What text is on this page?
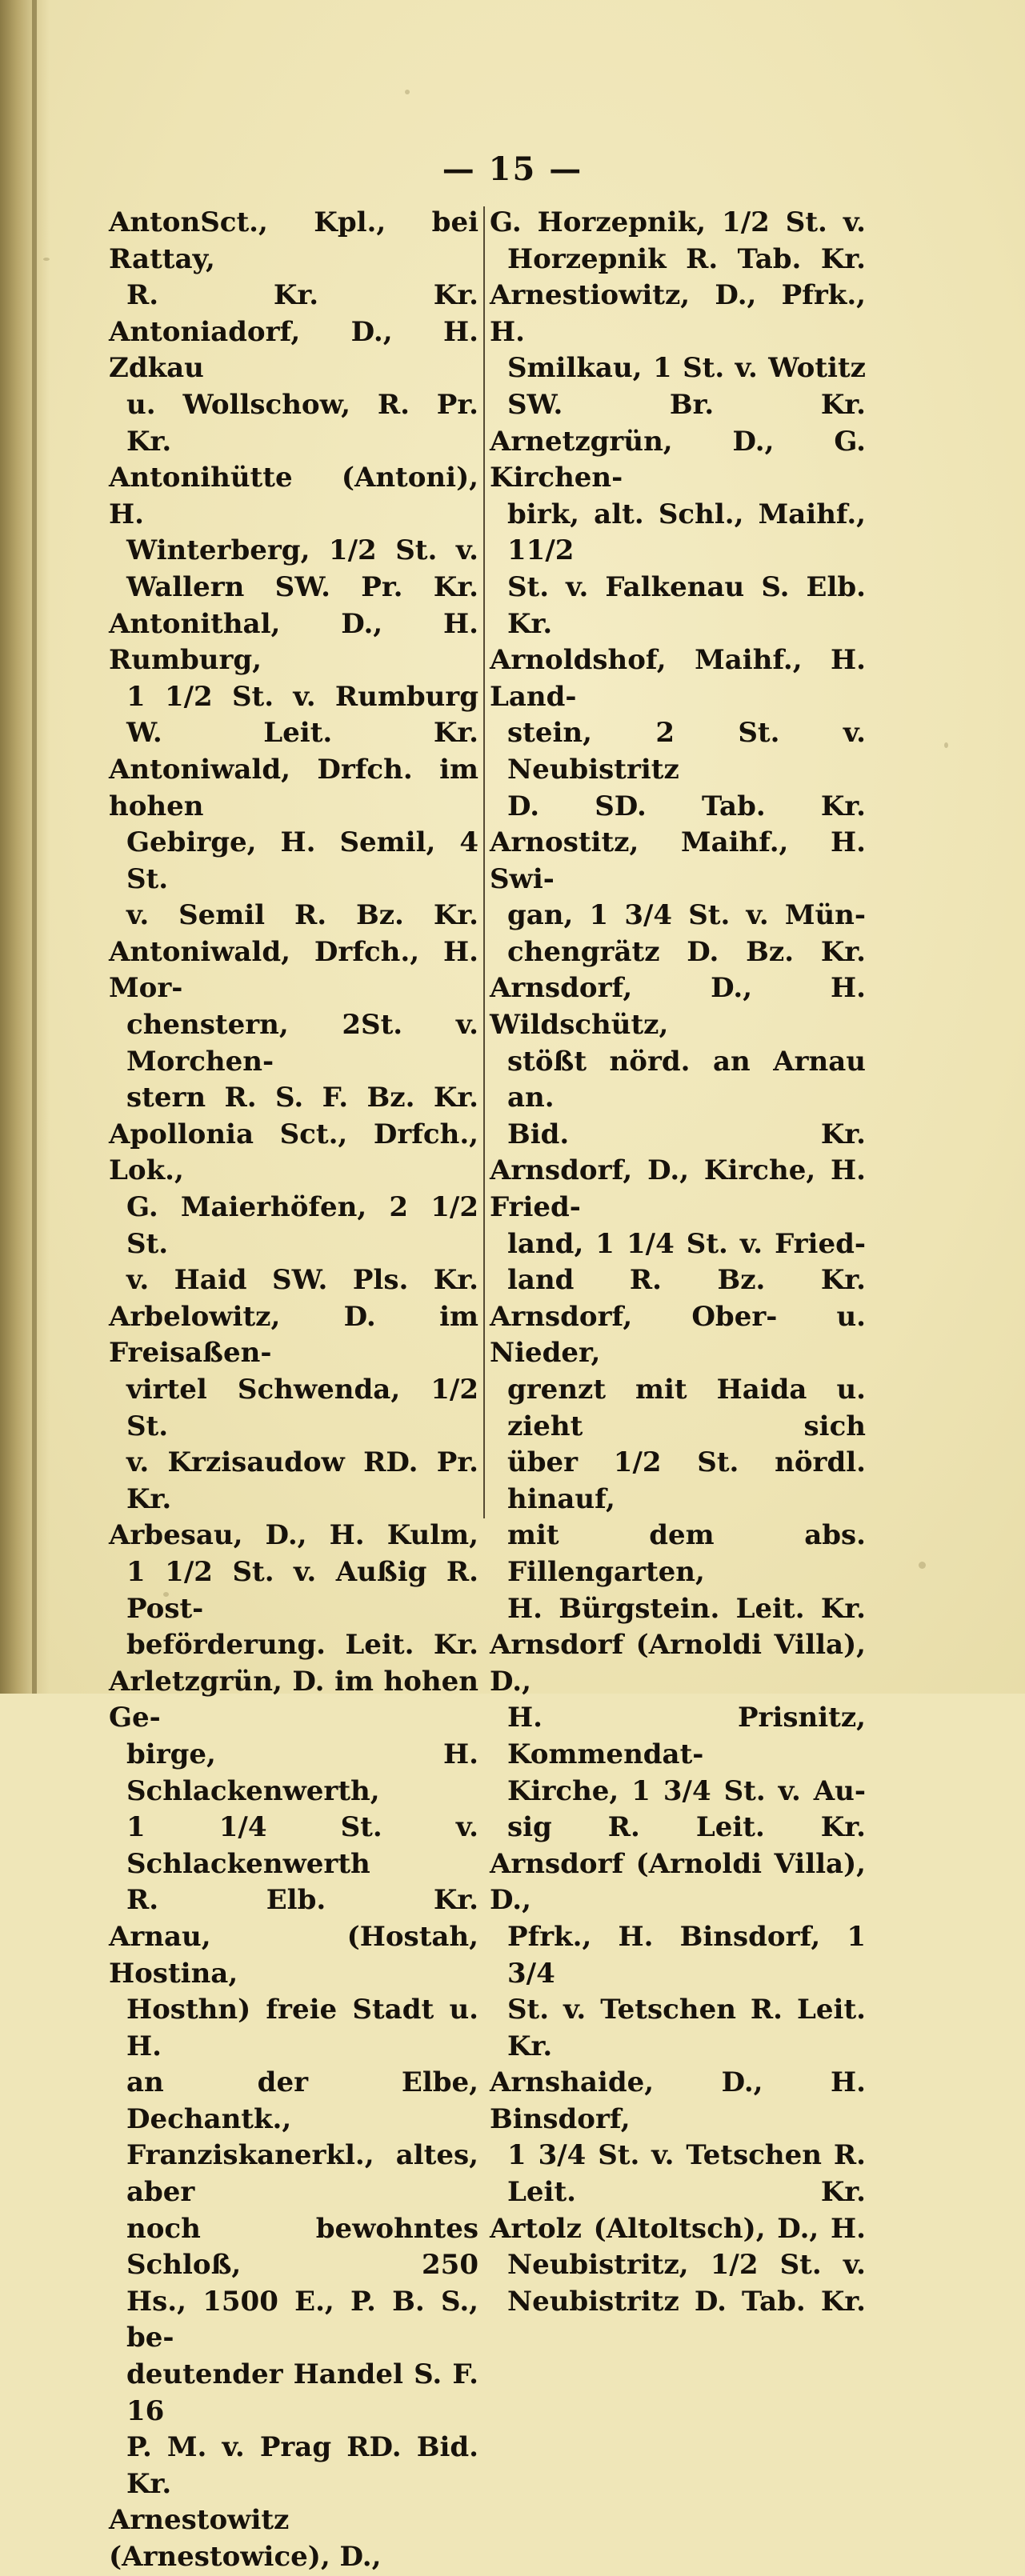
— 15 —

AntonSct., Kpl., bei Rattay,
R. Kr. Kr.

Antoniadorf, D., H. Zdkau
u. Wollschow, R. Pr. Kr.

Antonihütte (Antoni), H.
Winterberg, 1/2 St. v.
Wallern SW. Pr. Kr.

Antonithal, D., H. Rumburg,
1 1/2 St. v. Rumburg
W. Leit. Kr.

Antoniwald, Drfch. im hohen
Gebirge, H. Semil, 4 St.
v. Semil R. Bz. Kr.

Antoniwald, Drfch., H. Mor-
chenstern, 2St. v. Morchen-
stern R. S. F. Bz. Kr.

Apollonia Sct., Drfch., Lok.,
G. Maierhöfen, 2 1/2 St.
v. Haid SW. Pls. Kr.

Arbelowitz, D. im Freisaßen-
virtel Schwenda, 1/2 St.
v. Krzisaudow RD. Pr. Kr.

Arbesau, D., H. Kulm,
1 1/2 St. v. Außig R. Post-
beförderung. Leit. Kr.

Arletzgrün, D. im hohen Ge-
birge, H. Schlackenwerth,
1 1/4 St. v. Schlackenwerth
R. Elb. Kr.

Arnau, (Hostah, Hostina,
Hosthn) freie Stadt u. H.
an der Elbe, Dechantk.,
Franziskanerkl., altes, aber
noch bewohntes Schloß, 250
Hs., 1500 E., P. B. S., be-
deutender Handel S. F. 16
P. M. v. Prag RD. Bid. Kr.

Arnestowitz (Arnestowice), D.,

G. Horzepnik, 1/2 St. v.
Horzepnik R. Tab. Kr.

Arnestiowitz, D., Pfrk., H.
Smilkau, 1 St. v. Wotitz
SW. Br. Kr.

Arnetzgrün, D., G. Kirchen-
birk, alt. Schl., Maihf., 11/2
St. v. Falkenau S. Elb. Kr.

Arnoldshof, Maihf., H. Land-
stein, 2 St. v. Neubistritz
D. SD. Tab. Kr.

Arnostitz, Maihf., H. Swi-
gan, 1 3/4 St. v. Mün-
chengrätz D. Bz. Kr.

Arnsdorf, D., H. Wildschütz,
stößt nörd. an Arnau an.
Bid. Kr.

Arnsdorf, D., Kirche, H. Fried-
land, 1 1/4 St. v. Fried-
land R. Bz. Kr.

Arnsdorf, Ober- u. Nieder,
grenzt mit Haida u. zieht sich
über 1/2 St. nördl. hinauf,
mit dem abs. Fillengarten,
H. Bürgstein. Leit. Kr.

Arnsdorf (Arnoldi Villa), D.,
H. Prisnitz, Kommendat-
Kirche, 1 3/4 St. v. Au-
sig R. Leit. Kr.

Arnsdorf (Arnoldi Villa), D.,
Pfrk., H. Binsdorf, 1 3/4
St. v. Tetschen R. Leit. Kr.

Arnshaide, D., H. Binsdorf,
1 3/4 St. v. Tetschen R.
Leit. Kr.

Artolz (Altoltsch), D., H.
Neubistritz, 1/2 St. v.
Neubistritz D. Tab. Kr.
